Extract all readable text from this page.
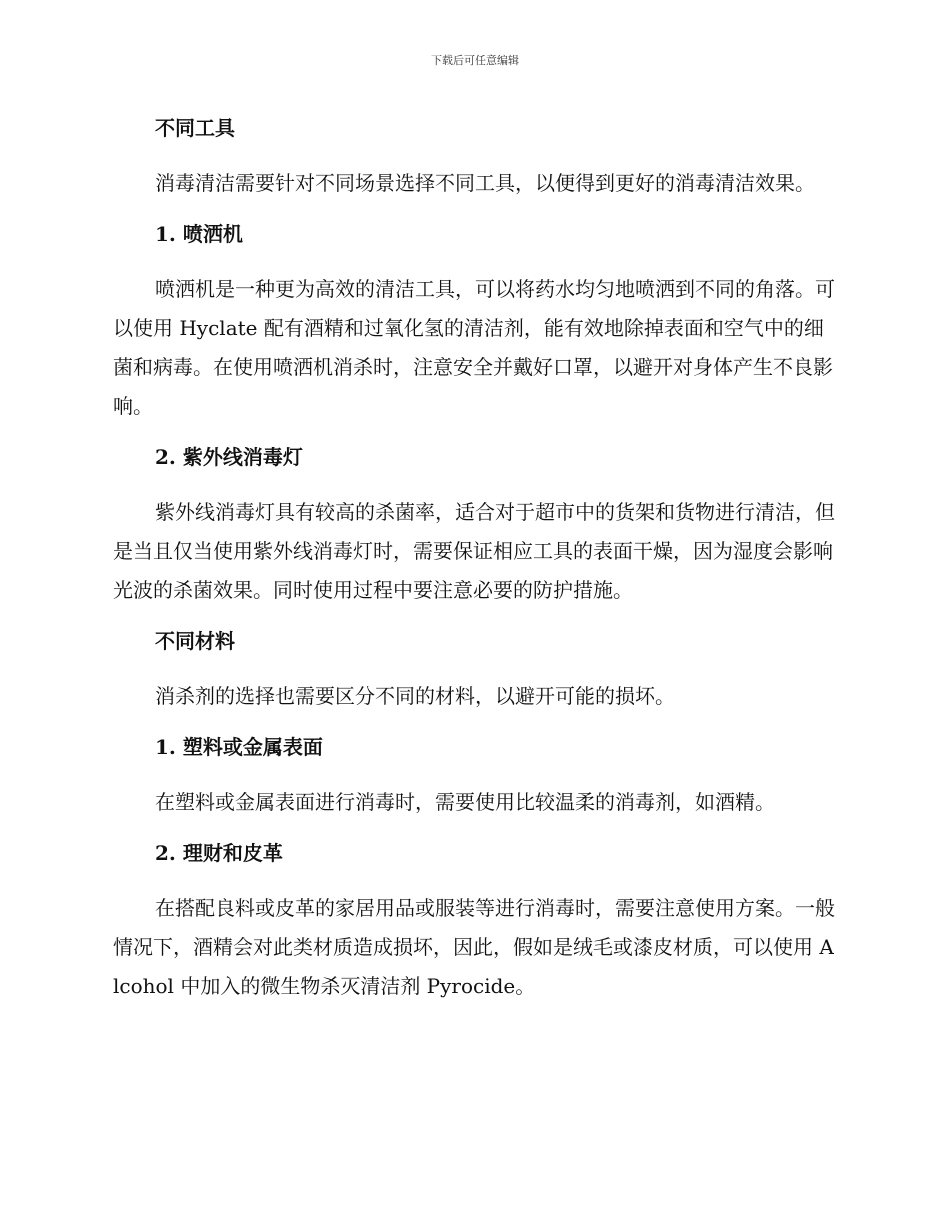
下载后可任意编辑
不同工具
消毒清洁需要针对不同场景选择不同工具，以便得到更好的消毒清洁效果。
1. 喷洒机
喷洒机是一种更为高效的清洁工具，可以将药水均匀地喷洒到不同的角落。可以使用 Hyclate 配有酒精和过氧化氢的清洁剂，能有效地除掉表面和空气中的细菌和病毒。在使用喷洒机消杀时，注意安全并戴好口罩，以避开对身体产生不良影响。
2. 紫外线消毒灯
紫外线消毒灯具有较高的杀菌率，适合对于超市中的货架和货物进行清洁，但是当且仅当使用紫外线消毒灯时，需要保证相应工具的表面干燥，因为湿度会影响光波的杀菌效果。同时使用过程中要注意必要的防护措施。
不同材料
消杀剂的选择也需要区分不同的材料，以避开可能的损坏。
1. 塑料或金属表面
在塑料或金属表面进行消毒时，需要使用比较温柔的消毒剂，如酒精。
2. 理财和皮革
在搭配良料或皮革的家居用品或服装等进行消毒时，需要注意使用方案。一般情况下，酒精会对此类材质造成损坏，因此，假如是绒毛或漆皮材质，可以使用 Alcohol 中加入的微生物杀灭清洁剂 Pyrocide。
